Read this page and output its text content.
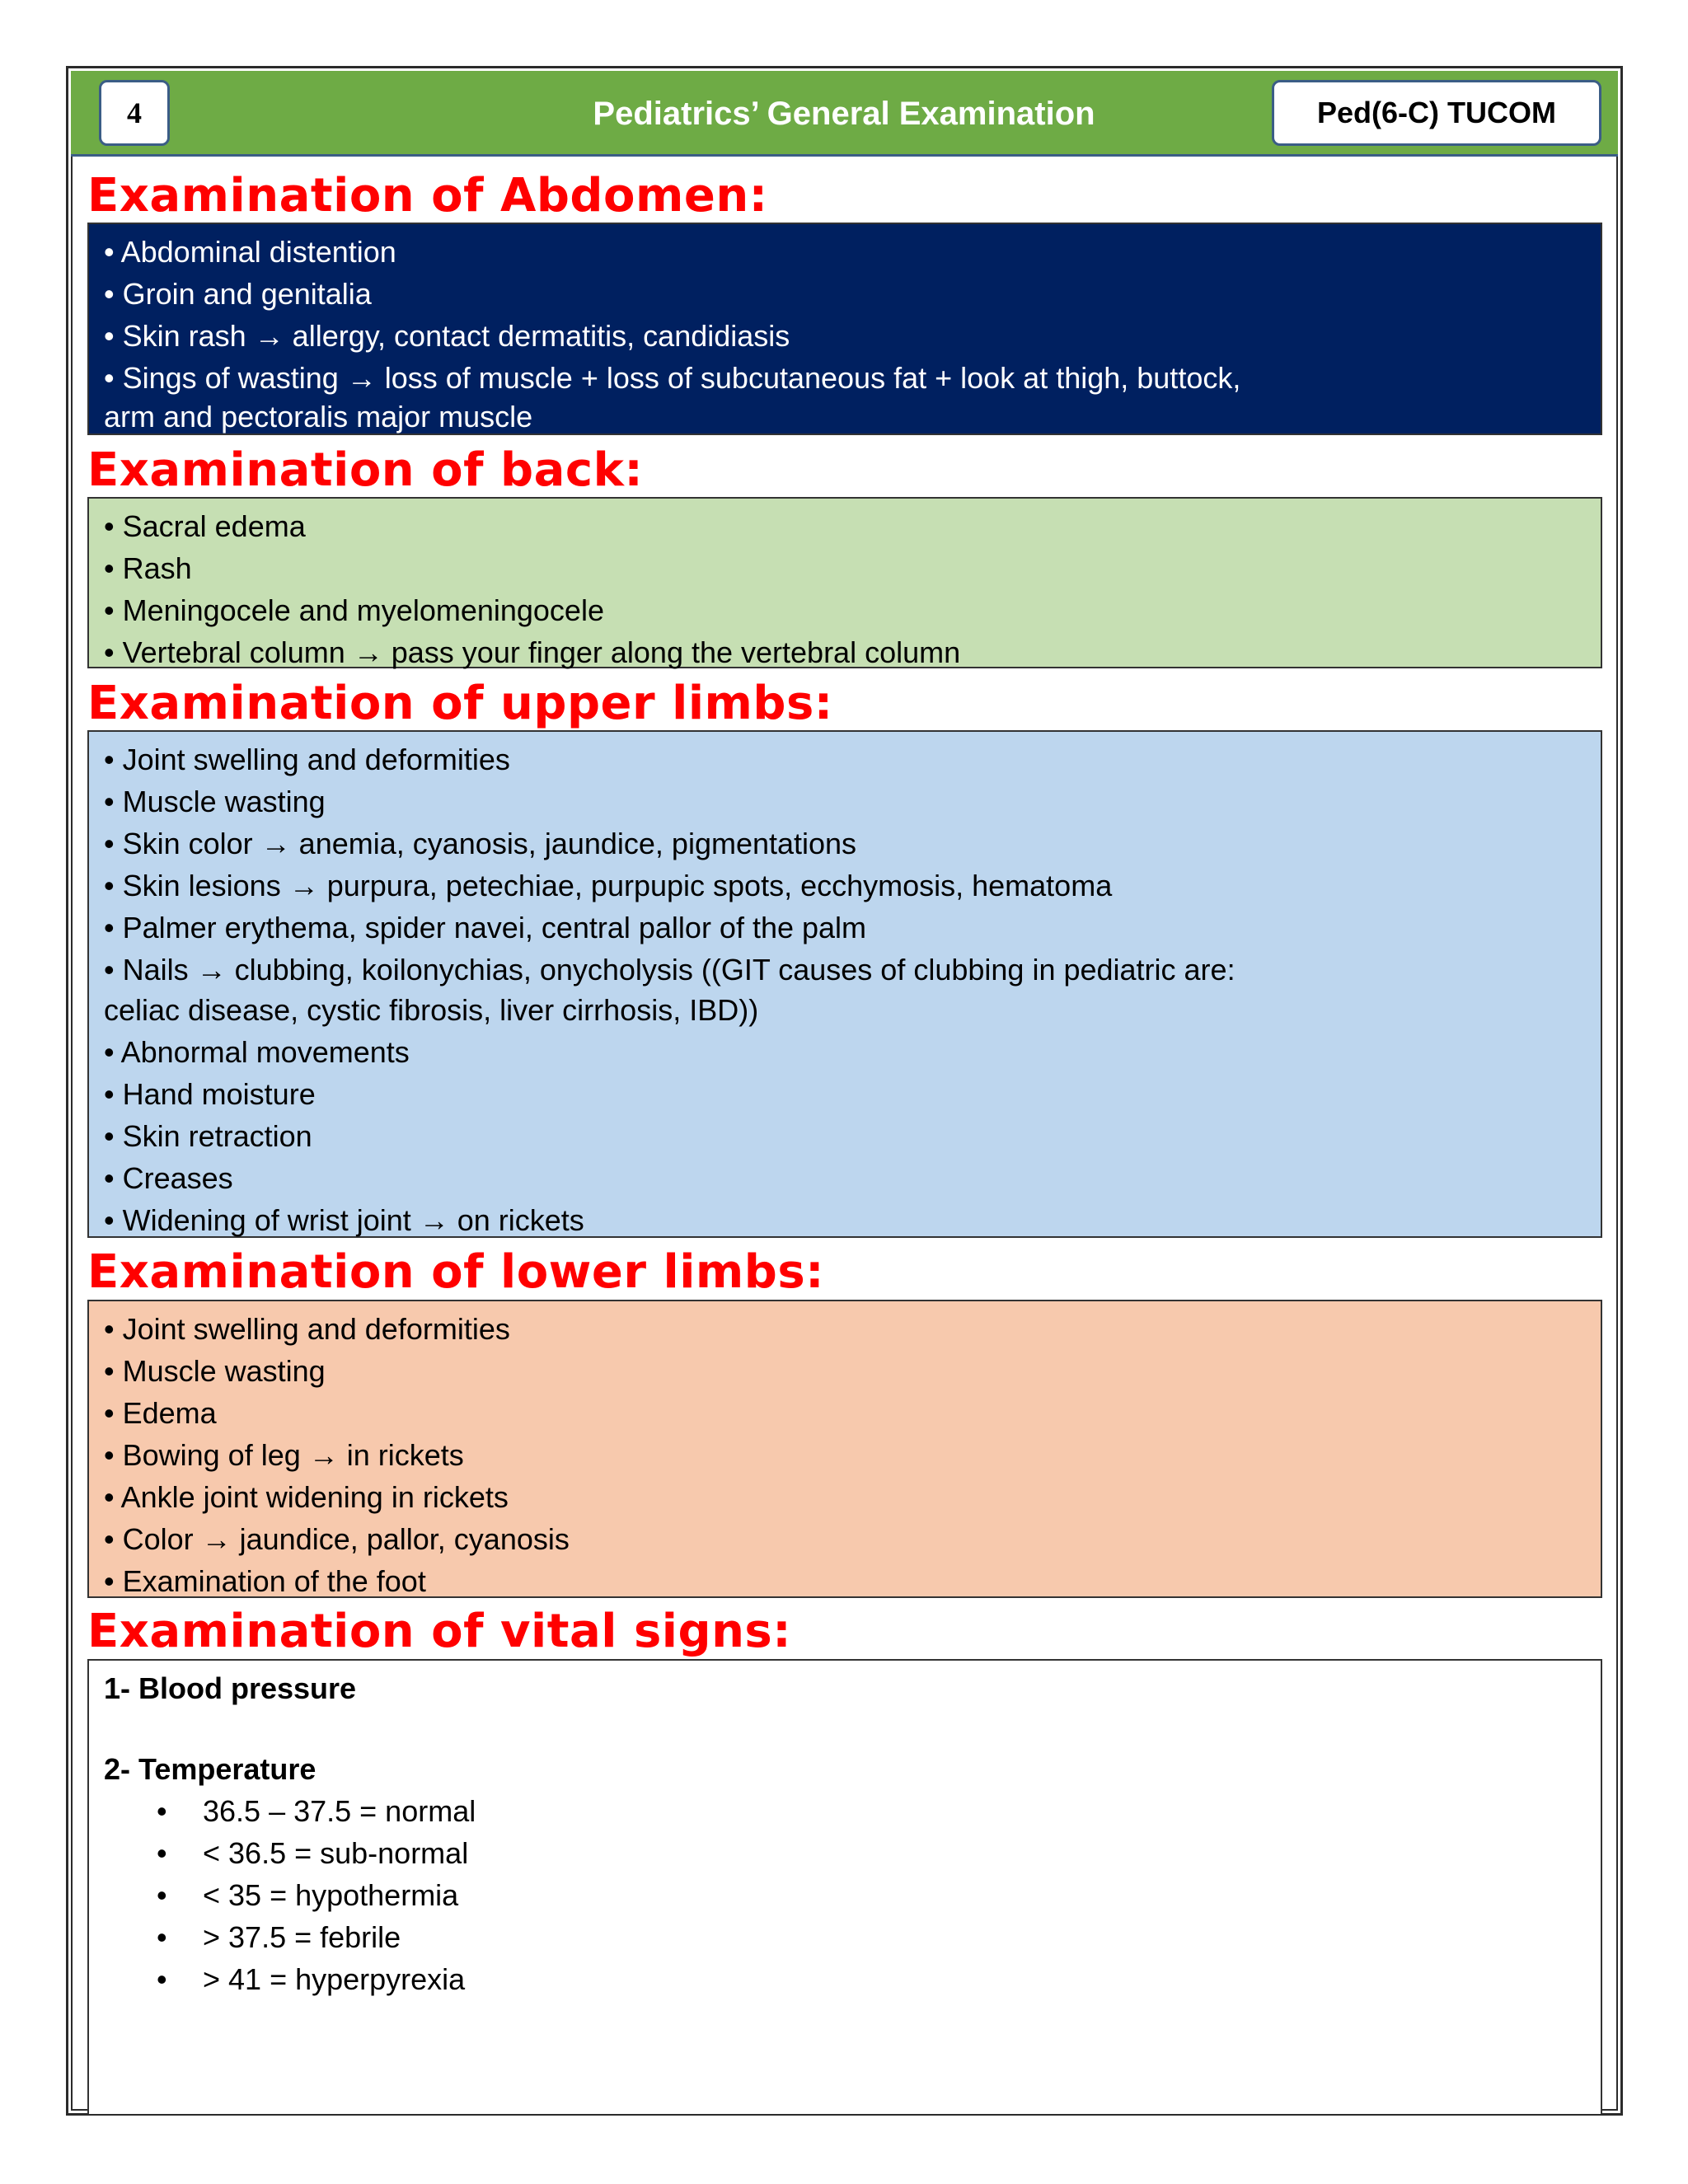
4	Pediatrics’ General Examination	Ped(6-C) TUCOM
Examination of Abdomen:
• Abdominal distention
• Groin and genitalia
• Skin rash → allergy, contact dermatitis, candidiasis
• Sings of wasting → loss of muscle + loss of subcutaneous fat + look at thigh, buttock,
arm and pectoralis major muscle
Examination of back:
• Sacral edema
• Rash
• Meningocele and myelomeningocele
• Vertebral column → pass your finger along the vertebral column
Examination of upper limbs:
• Joint swelling and deformities
• Muscle wasting
• Skin color → anemia, cyanosis, jaundice, pigmentations
• Skin lesions → purpura, petechiae, purpupic spots, ecchymosis, hematoma
• Palmer erythema, spider navei, central pallor of the palm
• Nails → clubbing, koilonychias, onycholysis ((GIT causes of clubbing in pediatric are:
celiac disease, cystic fibrosis, liver cirrhosis, IBD))
• Abnormal movements
• Hand moisture
• Skin retraction
• Creases
• Widening of wrist joint → on rickets
Examination of lower limbs:
• Joint swelling and deformities
• Muscle wasting
• Edema
• Bowing of leg → in rickets
• Ankle joint widening in rickets
• Color → jaundice, pallor, cyanosis
• Examination of the foot
Examination of vital signs:
1- Blood pressure
2- Temperature
• 36.5 – 37.5 = normal
• < 36.5 = sub-normal
• < 35 = hypothermia
• > 37.5 = febrile
• > 41 = hyperpyrexia
